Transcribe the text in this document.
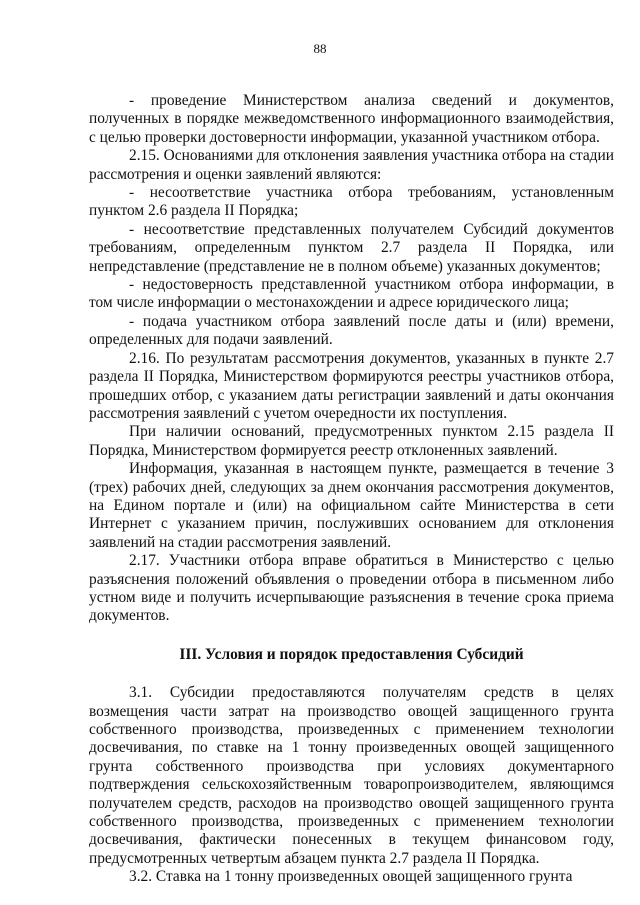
88

- проведение Министерством анализа сведений и документов, полученных в порядке межведомственного информационного взаимодействия, с целью проверки достоверности информации, указанной участником отбора.

2.15. Основаниями для отклонения заявления участника отбора на стадии рассмотрения и оценки заявлений являются:

- несоответствие участника отбора требованиям, установленным пунктом 2.6 раздела II Порядка;

- несоответствие представленных получателем Субсидий документов требованиям, определенным пунктом 2.7 раздела II Порядка, или непредставление (представление не в полном объеме) указанных документов;

- недостоверность представленной участником отбора информации, в том числе информации о местонахождении и адресе юридического лица;

- подача участником отбора заявлений после даты и (или) времени, определенных для подачи заявлений.

2.16. По результатам рассмотрения документов, указанных в пункте 2.7 раздела II Порядка, Министерством формируются реестры участников отбора, прошедших отбор, с указанием даты регистрации заявлений и даты окончания рассмотрения заявлений с учетом очередности их поступления.

При наличии оснований, предусмотренных пунктом 2.15 раздела II Порядка, Министерством формируется реестр отклоненных заявлений.

Информация, указанная в настоящем пункте, размещается в течение 3 (трех) рабочих дней, следующих за днем окончания рассмотрения документов, на Едином портале и (или) на официальном сайте Министерства в сети Интернет с указанием причин, послуживших основанием для отклонения заявлений на стадии рассмотрения заявлений.

2.17. Участники отбора вправе обратиться в Министерство с целью разъяснения положений объявления о проведении отбора в письменном либо устном виде и получить исчерпывающие разъяснения в течение срока приема документов.

III. Условия и порядок предоставления Субсидий

3.1. Субсидии предоставляются получателям средств в целях возмещения части затрат на производство овощей защищенного грунта собственного производства, произведенных с применением технологии досвечивания, по ставке на 1 тонну произведенных овощей защищенного грунта собственного производства при условиях документарного подтверждения сельскохозяйственным товаропроизводителем, являющимся получателем средств, расходов на производство овощей защищенного грунта собственного производства, произведенных с применением технологии досвечивания, фактически понесенных в текущем финансовом году, предусмотренных четвертым абзацем пункта 2.7 раздела II Порядка.

3.2. Ставка на 1 тонну произведенных овощей защищенного грунта
